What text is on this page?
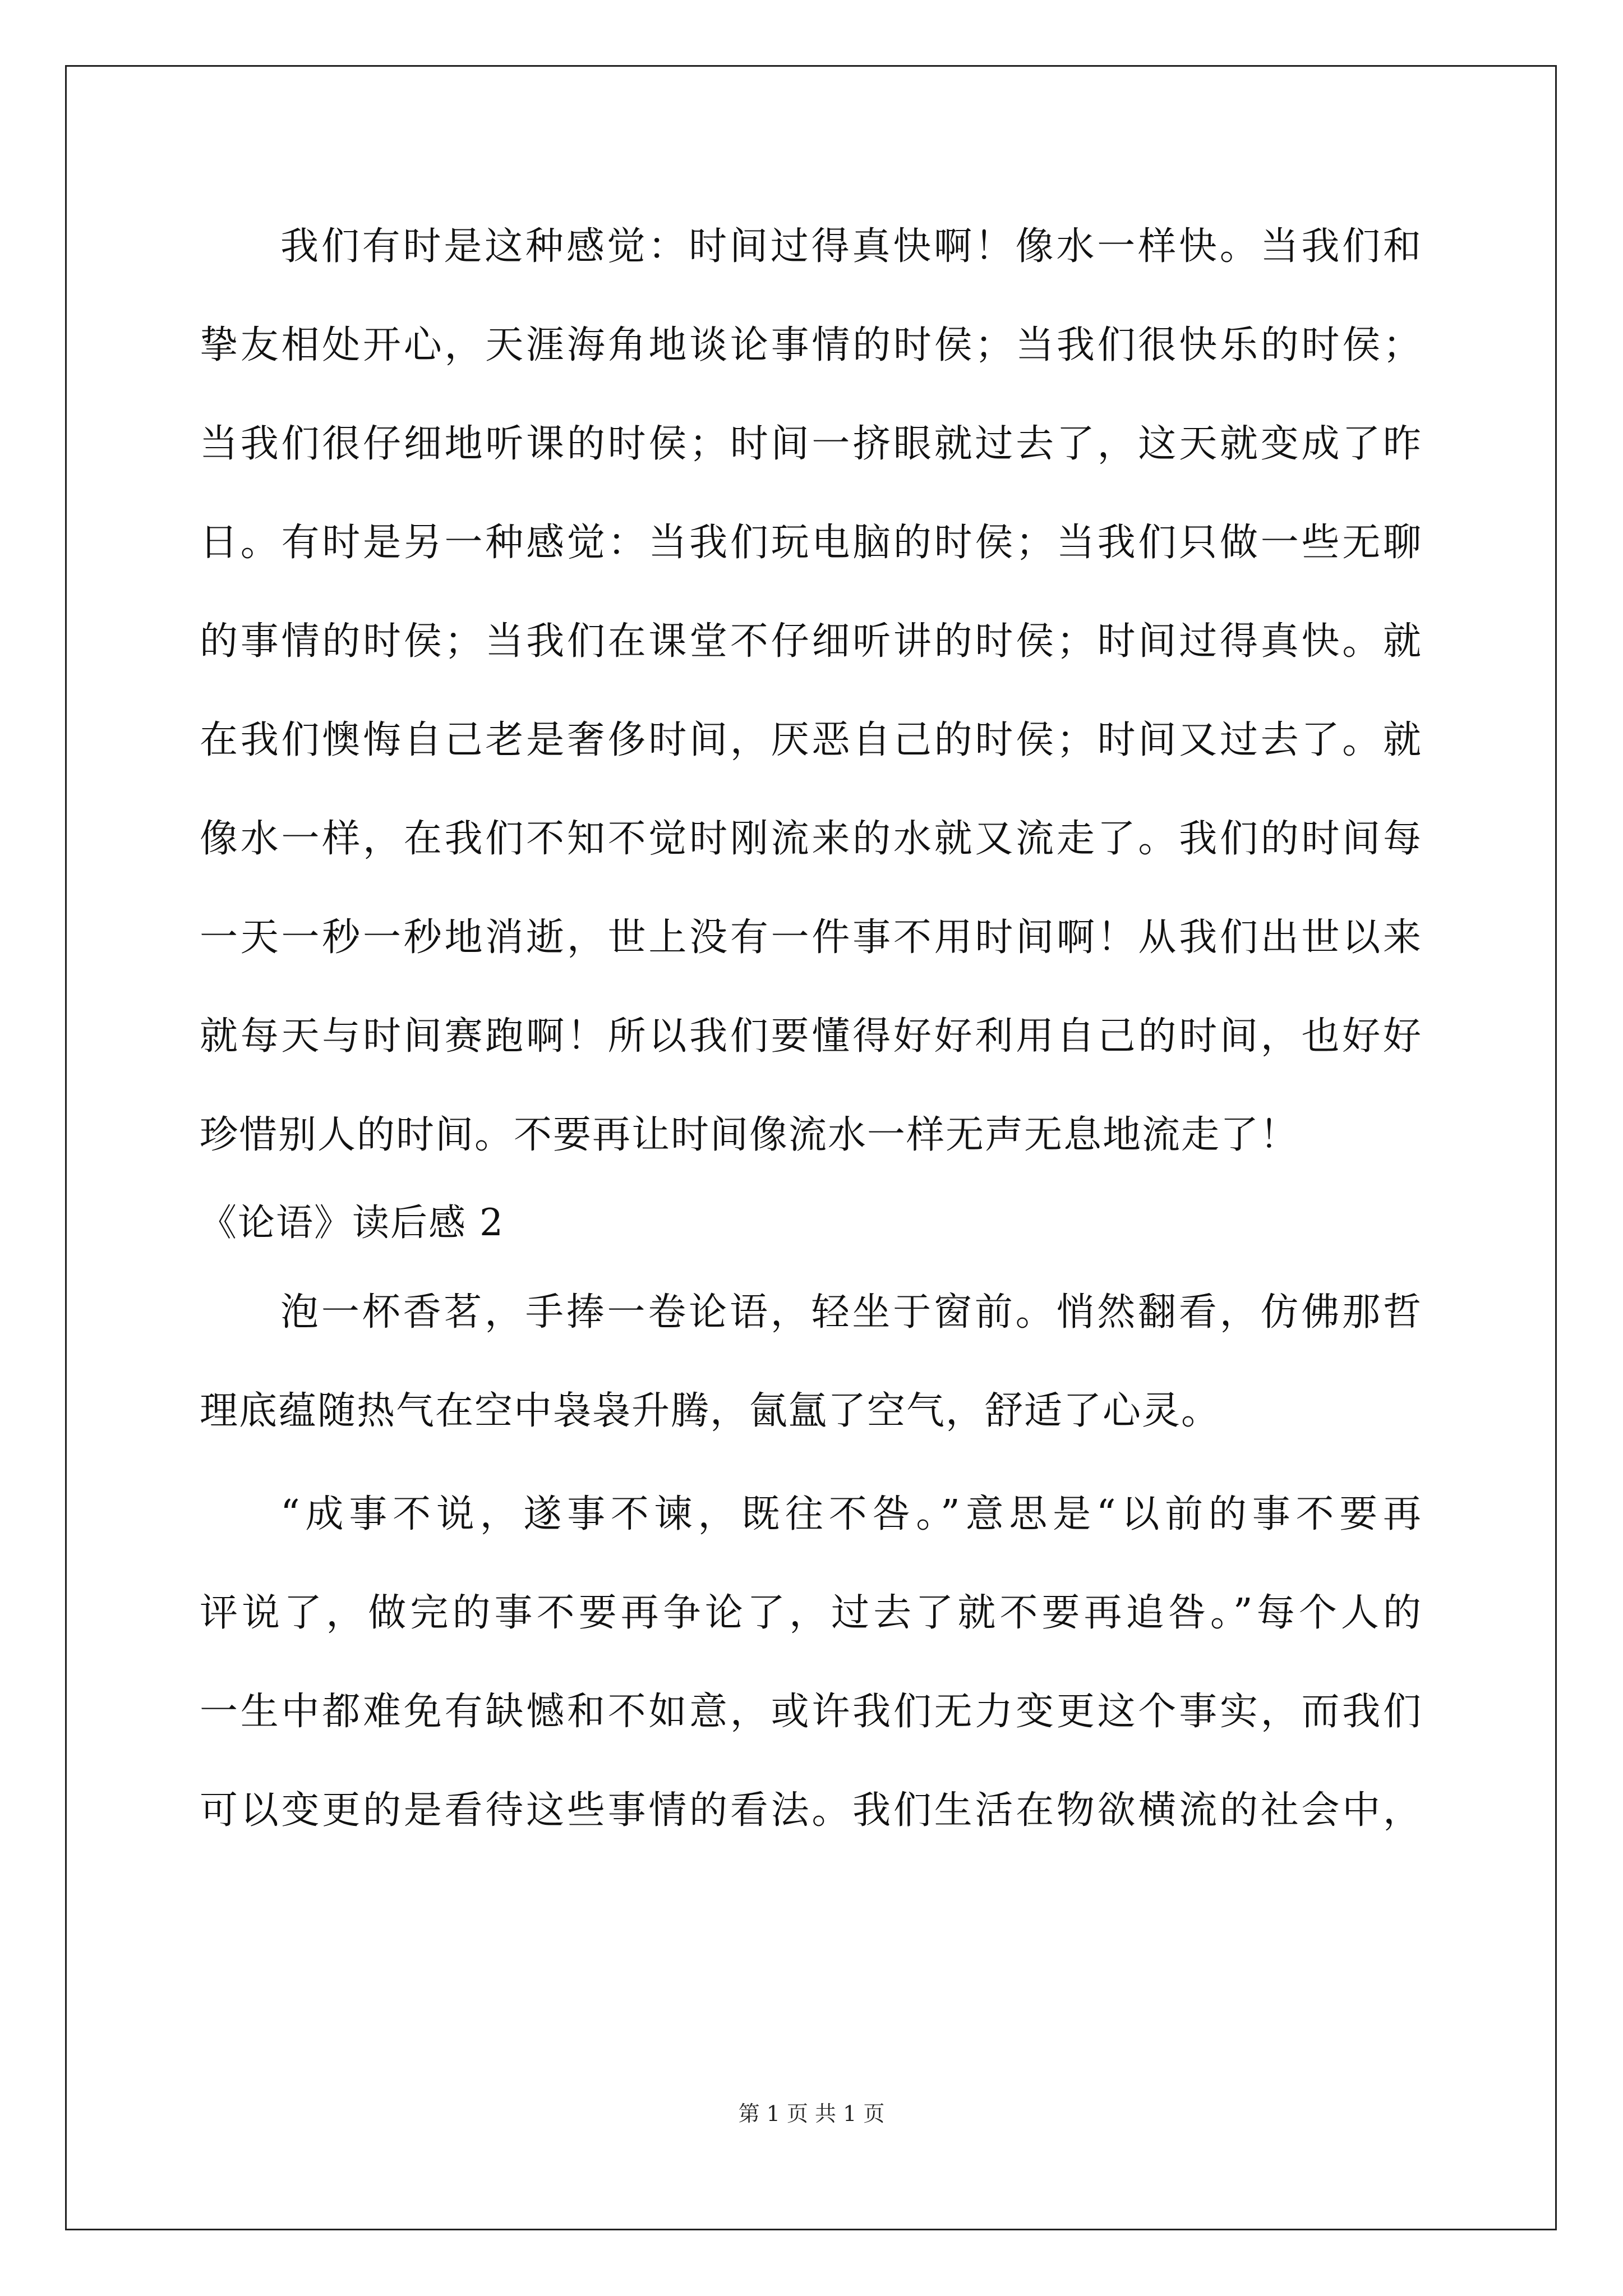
我们有时是这种感觉：时间过得真快啊！像水一样快。当我们和
挚友相处开心，天涯海角地谈论事情的时侯；当我们很快乐的时侯；
当我们很仔细地听课的时侯；时间一挤眼就过去了，这天就变成了昨
日。有时是另一种感觉：当我们玩电脑的时侯；当我们只做一些无聊
的事情的时侯；当我们在课堂不仔细听讲的时侯；时间过得真快。就
在我们懊悔自己老是奢侈时间，厌恶自己的时侯；时间又过去了。就
像水一样，在我们不知不觉时刚流来的水就又流走了。我们的时间每
一天一秒一秒地消逝，世上没有一件事不用时间啊！从我们出世以来
就每天与时间赛跑啊！所以我们要懂得好好利用自己的时间，也好好
珍惜别人的时间。不要再让时间像流水一样无声无息地流走了！
《论语》读后感 2
泡一杯香茗，手捧一卷论语，轻坐于窗前。悄然翻看，仿佛那哲
理底蕴随热气在空中袅袅升腾，氤氲了空气，舒适了心灵。
“成事不说，遂事不谏，既往不咎。”意思是“以前的事不要再
评说了，做完的事不要再争论了，过去了就不要再追咎。”每个人的
一生中都难免有缺憾和不如意，或许我们无力变更这个事实，而我们
可以变更的是看待这些事情的看法。我们生活在物欲横流的社会中，
第 1 页 共 1 页
